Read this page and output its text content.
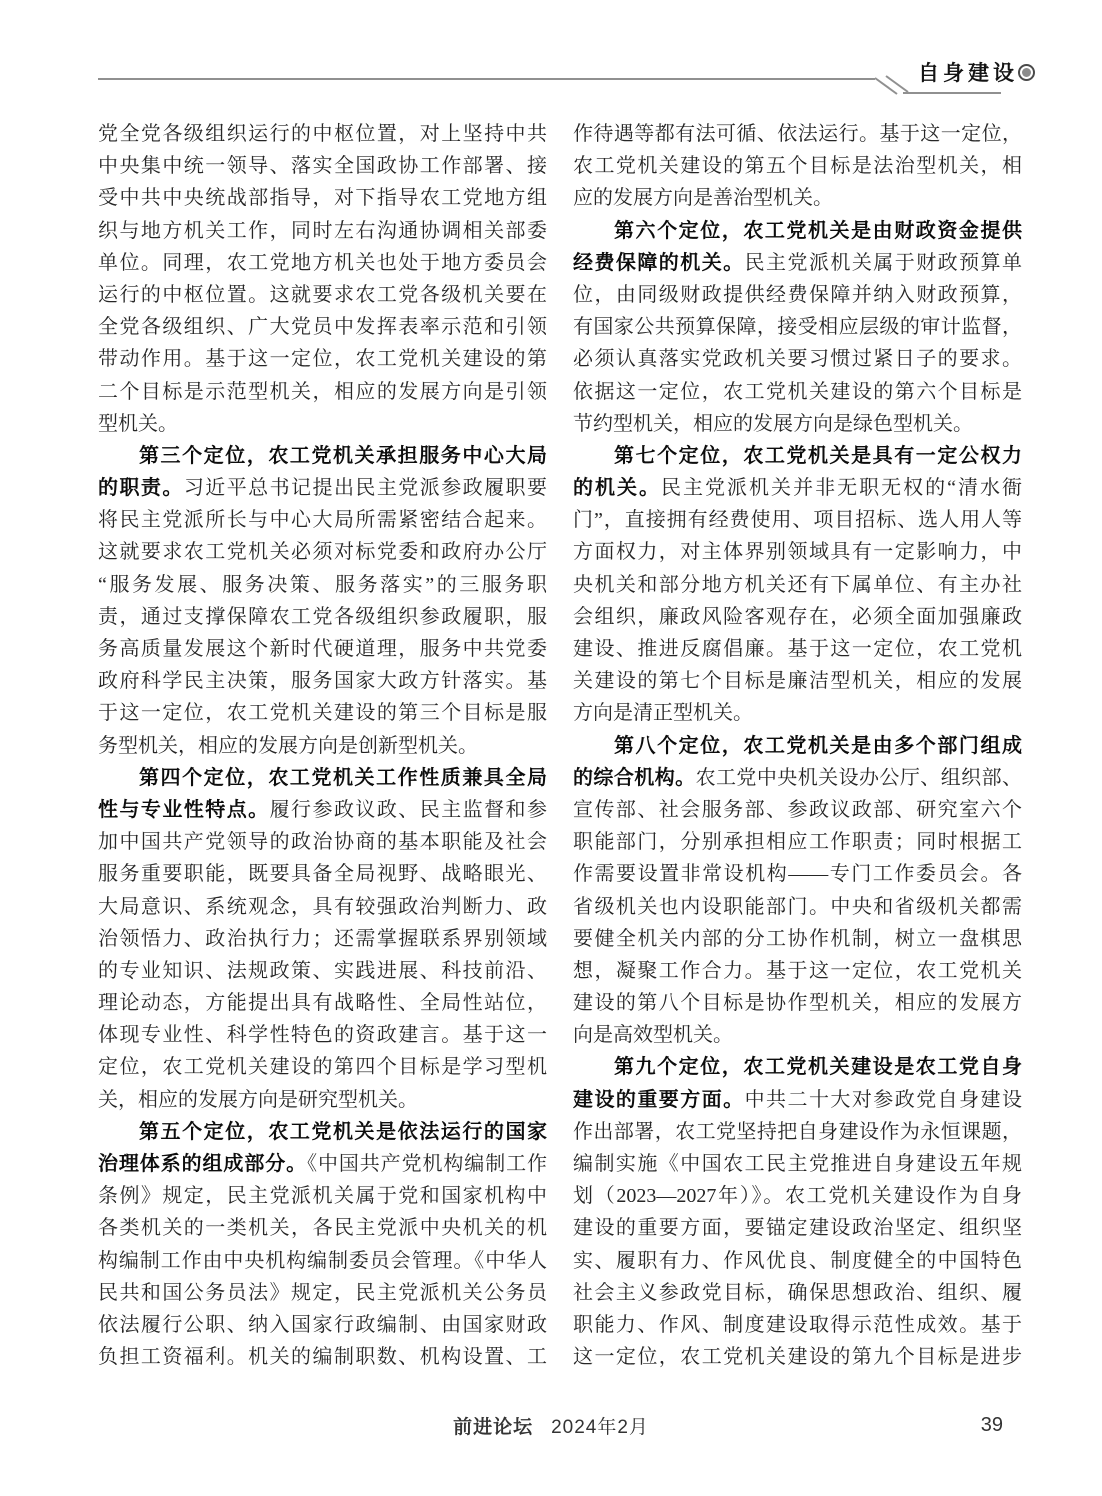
自身建设
党全党各级组织运行的中枢位置，对上坚持中共
中央集中统一领导、落实全国政协工作部署、接
受中共中央统战部指导，对下指导农工党地方组
织与地方机关工作，同时左右沟通协调相关部委
单位。同理，农工党地方机关也处于地方委员会
运行的中枢位置。这就要求农工党各级机关要在
全党各级组织、广大党员中发挥表率示范和引领
带动作用。基于这一定位，农工党机关建设的第
二个目标是示范型机关，相应的发展方向是引领
型机关。
第三个定位，农工党机关承担服务中心大局
的职责。习近平总书记提出民主党派参政履职要
将民主党派所长与中心大局所需紧密结合起来。
这就要求农工党机关必须对标党委和政府办公厅
“服务发展、服务决策、服务落实”的三服务职
责，通过支撑保障农工党各级组织参政履职，服
务高质量发展这个新时代硬道理，服务中共党委
政府科学民主决策，服务国家大政方针落实。基
于这一定位，农工党机关建设的第三个目标是服
务型机关，相应的发展方向是创新型机关。
第四个定位，农工党机关工作性质兼具全局
性与专业性特点。履行参政议政、民主监督和参
加中国共产党领导的政治协商的基本职能及社会
服务重要职能，既要具备全局视野、战略眼光、
大局意识、系统观念，具有较强政治判断力、政
治领悟力、政治执行力；还需掌握联系界别领域
的专业知识、法规政策、实践进展、科技前沿、
理论动态，方能提出具有战略性、全局性站位，
体现专业性、科学性特色的资政建言。基于这一
定位，农工党机关建设的第四个目标是学习型机
关，相应的发展方向是研究型机关。
第五个定位，农工党机关是依法运行的国家
治理体系的组成部分。《中国共产党机构编制工作
条例》规定，民主党派机关属于党和国家机构中
各类机关的一类机关，各民主党派中央机关的机
构编制工作由中央机构编制委员会管理。《中华人
民共和国公务员法》规定，民主党派机关公务员
依法履行公职、纳入国家行政编制、由国家财政
负担工资福利。机关的编制职数、机构设置、工
作待遇等都有法可循、依法运行。基于这一定位，
农工党机关建设的第五个目标是法治型机关，相
应的发展方向是善治型机关。
第六个定位，农工党机关是由财政资金提供
经费保障的机关。民主党派机关属于财政预算单
位，由同级财政提供经费保障并纳入财政预算，
有国家公共预算保障，接受相应层级的审计监督，
必须认真落实党政机关要习惯过紧日子的要求。
依据这一定位，农工党机关建设的第六个目标是
节约型机关，相应的发展方向是绿色型机关。
第七个定位，农工党机关是具有一定公权力
的机关。民主党派机关并非无职无权的“清水衙
门”，直接拥有经费使用、项目招标、选人用人等
方面权力，对主体界别领域具有一定影响力，中
央机关和部分地方机关还有下属单位、有主办社
会组织，廉政风险客观存在，必须全面加强廉政
建设、推进反腐倡廉。基于这一定位，农工党机
关建设的第七个目标是廉洁型机关，相应的发展
方向是清正型机关。
第八个定位，农工党机关是由多个部门组成
的综合机构。农工党中央机关设办公厅、组织部、
宣传部、社会服务部、参政议政部、研究室六个
职能部门，分别承担相应工作职责；同时根据工
作需要设置非常设机构——专门工作委员会。各
省级机关也内设职能部门。中央和省级机关都需
要健全机关内部的分工协作机制，树立一盘棋思
想，凝聚工作合力。基于这一定位，农工党机关
建设的第八个目标是协作型机关，相应的发展方
向是高效型机关。
第九个定位，农工党机关建设是农工党自身
建设的重要方面。中共二十大对参政党自身建设
作出部署，农工党坚持把自身建设作为永恒课题，
编制实施《中国农工民主党推进自身建设五年规
划（2023—2027年）》。农工党机关建设作为自身
建设的重要方面，要锚定建设政治坚定、组织坚
实、履职有力、作风优良、制度健全的中国特色
社会主义参政党目标，确保思想政治、组织、履
职能力、作风、制度建设取得示范性成效。基于
这一定位，农工党机关建设的第九个目标是进步
前进论坛 2024年2月	39
